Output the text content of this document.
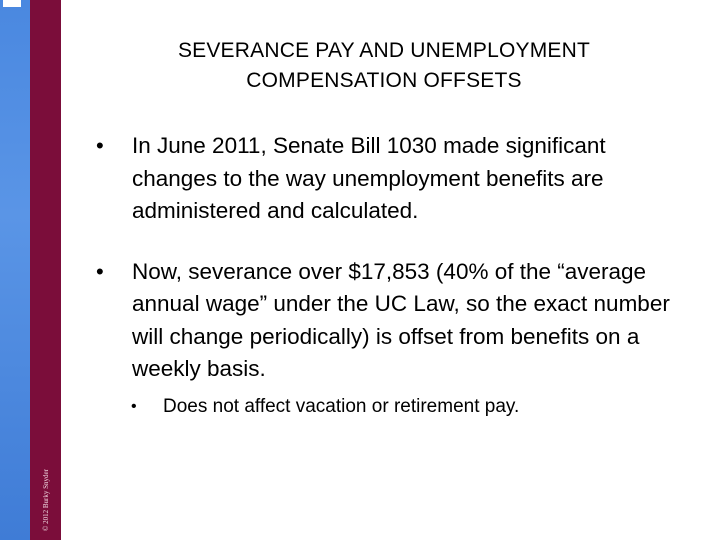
© 2012 Burky Snyder
SEVERANCE PAY AND UNEMPLOYMENT
COMPENSATION OFFSETS
• In June 2011, Senate Bill 1030 made significant changes to the way unemployment benefits are administered and calculated.
• Now, severance over $17,853 (40% of the “average annual wage” under the UC Law, so the exact number will change periodically) is offset from benefits on a weekly basis.
• Does not affect vacation or retirement pay.
